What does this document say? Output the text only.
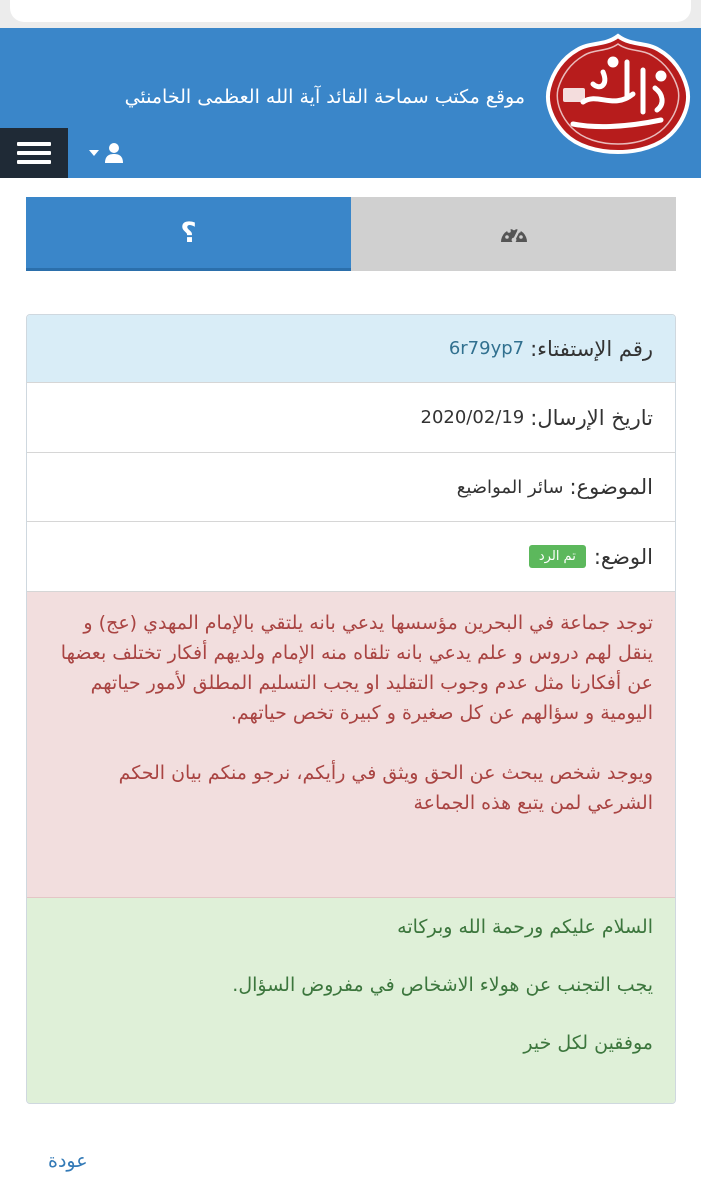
موقع مكتب سماحة القائد آية الله العظمى الخامنئي
؟
رقم الإستفتاء:
6r79yp7
تاريخ الإرسال:
2020/02/19
الموضوع:
سائر المواضيع
الوضع:
تم الرد

توجد جماعة في البحرين مؤسسها يدعي بانه يلتقي بالإمام المهدي (عج) و ينقل لهم دروس و علم يدعي بانه تلقاه منه الإمام ولديهم أفكار تختلف بعضها عن أفكارنا مثل عدم وجوب التقليد او يجب التسليم المطلق لأمور حياتهم اليومية و سؤالهم عن كل صغيرة و كبيرة تخص حياتهم.

ويوجد شخص يبحث عن الحق ويثق في رأيكم، نرجو منكم بيان الحكم الشرعي لمن يتبع هذه الجماعة

السلام عليكم ورحمة الله وبركاته

يجب التجنب عن هولاء الاشخاص في مفروض السؤال.

موفقين لكل خير

عودة
